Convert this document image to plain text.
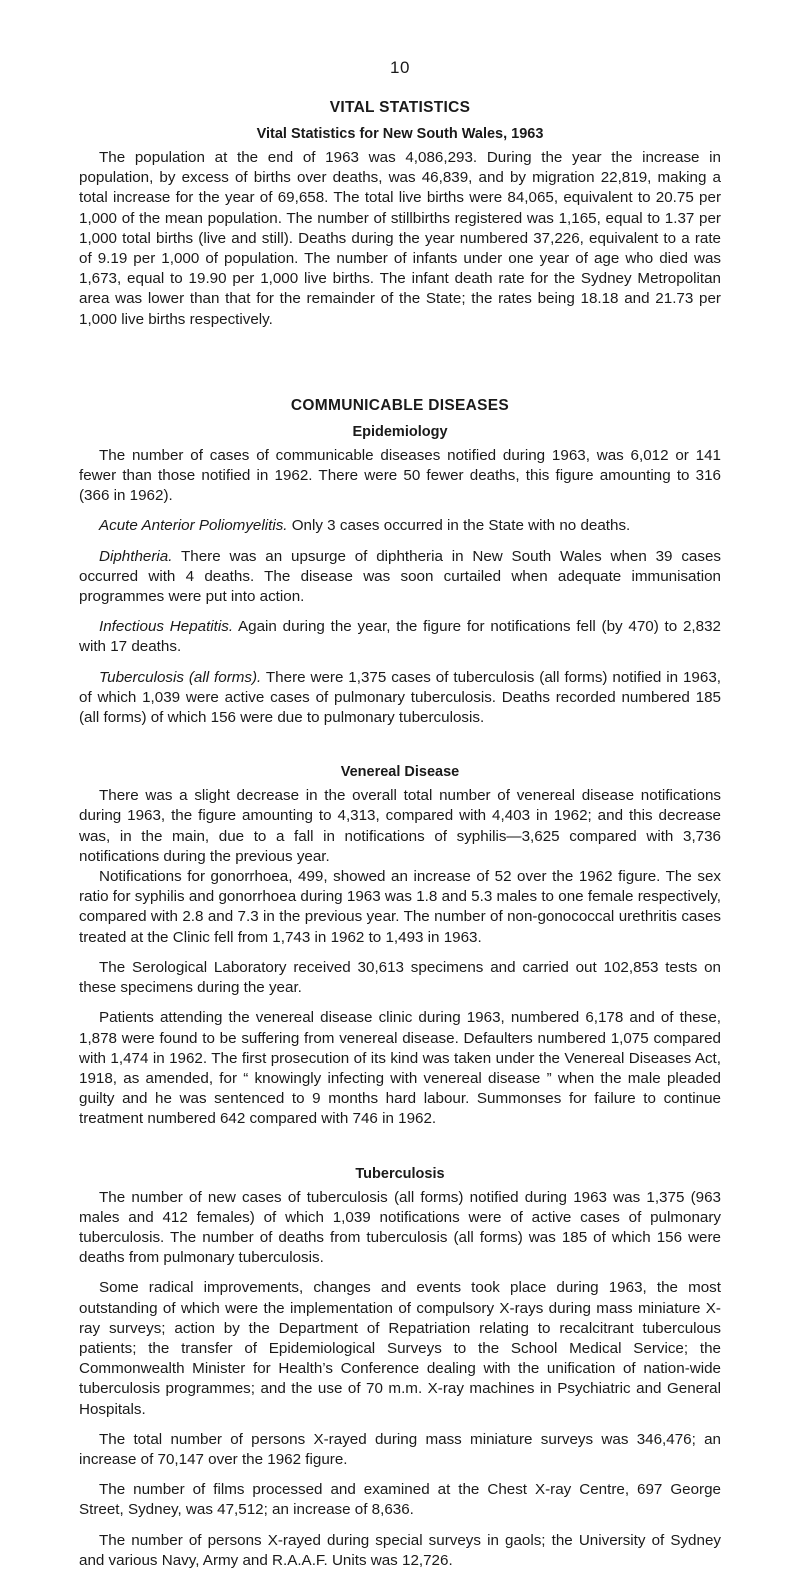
10
VITAL STATISTICS
Vital Statistics for New South Wales, 1963

The population at the end of 1963 was 4,086,293. During the year the increase in population, by excess of births over deaths, was 46,839, and by migration 22,819, making a total increase for the year of 69,658. The total live births were 84,065, equivalent to 20.75 per 1,000 of the mean population. The number of stillbirths registered was 1,165, equal to 1.37 per 1,000 total births (live and still). Deaths during the year numbered 37,226, equivalent to a rate of 9.19 per 1,000 of population. The number of infants under one year of age who died was 1,673, equal to 19.90 per 1,000 live births. The infant death rate for the Sydney Metropolitan area was lower than that for the remainder of the State; the rates being 18.18 and 21.73 per 1,000 live births respectively.

COMMUNICABLE DISEASES
Epidemiology

The number of cases of communicable diseases notified during 1963, was 6,012 or 141 fewer than those notified in 1962. There were 50 fewer deaths, this figure amounting to 316 (366 in 1962).

Acute Anterior Poliomyelitis. Only 3 cases occurred in the State with no deaths.

Diphtheria. There was an upsurge of diphtheria in New South Wales when 39 cases occurred with 4 deaths. The disease was soon curtailed when adequate immunisation programmes were put into action.

Infectious Hepatitis. Again during the year, the figure for notifications fell (by 470) to 2,832 with 17 deaths.

Tuberculosis (all forms). There were 1,375 cases of tuberculosis (all forms) notified in 1963, of which 1,039 were active cases of pulmonary tuberculosis. Deaths recorded numbered 185 (all forms) of which 156 were due to pulmonary tuberculosis.

Venereal Disease

There was a slight decrease in the overall total number of venereal disease notifications during 1963, the figure amounting to 4,313, compared with 4,403 in 1962; and this decrease was, in the main, due to a fall in notifications of syphilis—3,625 compared with 3,736 notifications during the previous year.

Notifications for gonorrhoea, 499, showed an increase of 52 over the 1962 figure. The sex ratio for syphilis and gonorrhoea during 1963 was 1.8 and 5.3 males to one female respectively, compared with 2.8 and 7.3 in the previous year. The number of non-gonococcal urethritis cases treated at the Clinic fell from 1,743 in 1962 to 1,493 in 1963.

The Serological Laboratory received 30,613 specimens and carried out 102,853 tests on these specimens during the year.

Patients attending the venereal disease clinic during 1963, numbered 6,178 and of these, 1,878 were found to be suffering from venereal disease. Defaulters numbered 1,075 compared with 1,474 in 1962. The first prosecution of its kind was taken under the Venereal Diseases Act, 1918, as amended, for “ knowingly infecting with venereal disease ” when the male pleaded guilty and he was sentenced to 9 months hard labour. Summonses for failure to continue treatment numbered 642 compared with 746 in 1962.

Tuberculosis

The number of new cases of tuberculosis (all forms) notified during 1963 was 1,375 (963 males and 412 females) of which 1,039 notifications were of active cases of pulmonary tuberculosis. The number of deaths from tuberculosis (all forms) was 185 of which 156 were deaths from pulmonary tuberculosis.

Some radical improvements, changes and events took place during 1963, the most outstanding of which were the implementation of compulsory X-rays during mass miniature X-ray surveys; action by the Department of Repatriation relating to recalcitrant tuberculous patients; the transfer of Epidemiological Surveys to the School Medical Service; the Commonwealth Minister for Health’s Conference dealing with the unification of nation-wide tuberculosis programmes; and the use of 70 m.m. X-ray machines in Psychiatric and General Hospitals.

The total number of persons X-rayed during mass miniature surveys was 346,476; an increase of 70,147 over the 1962 figure.

The number of films processed and examined at the Chest X-ray Centre, 697 George Street, Sydney, was 47,512; an increase of 8,636.

The number of persons X-rayed during special surveys in gaols; the University of Sydney and various Navy, Army and R.A.A.F. Units was 12,726.
